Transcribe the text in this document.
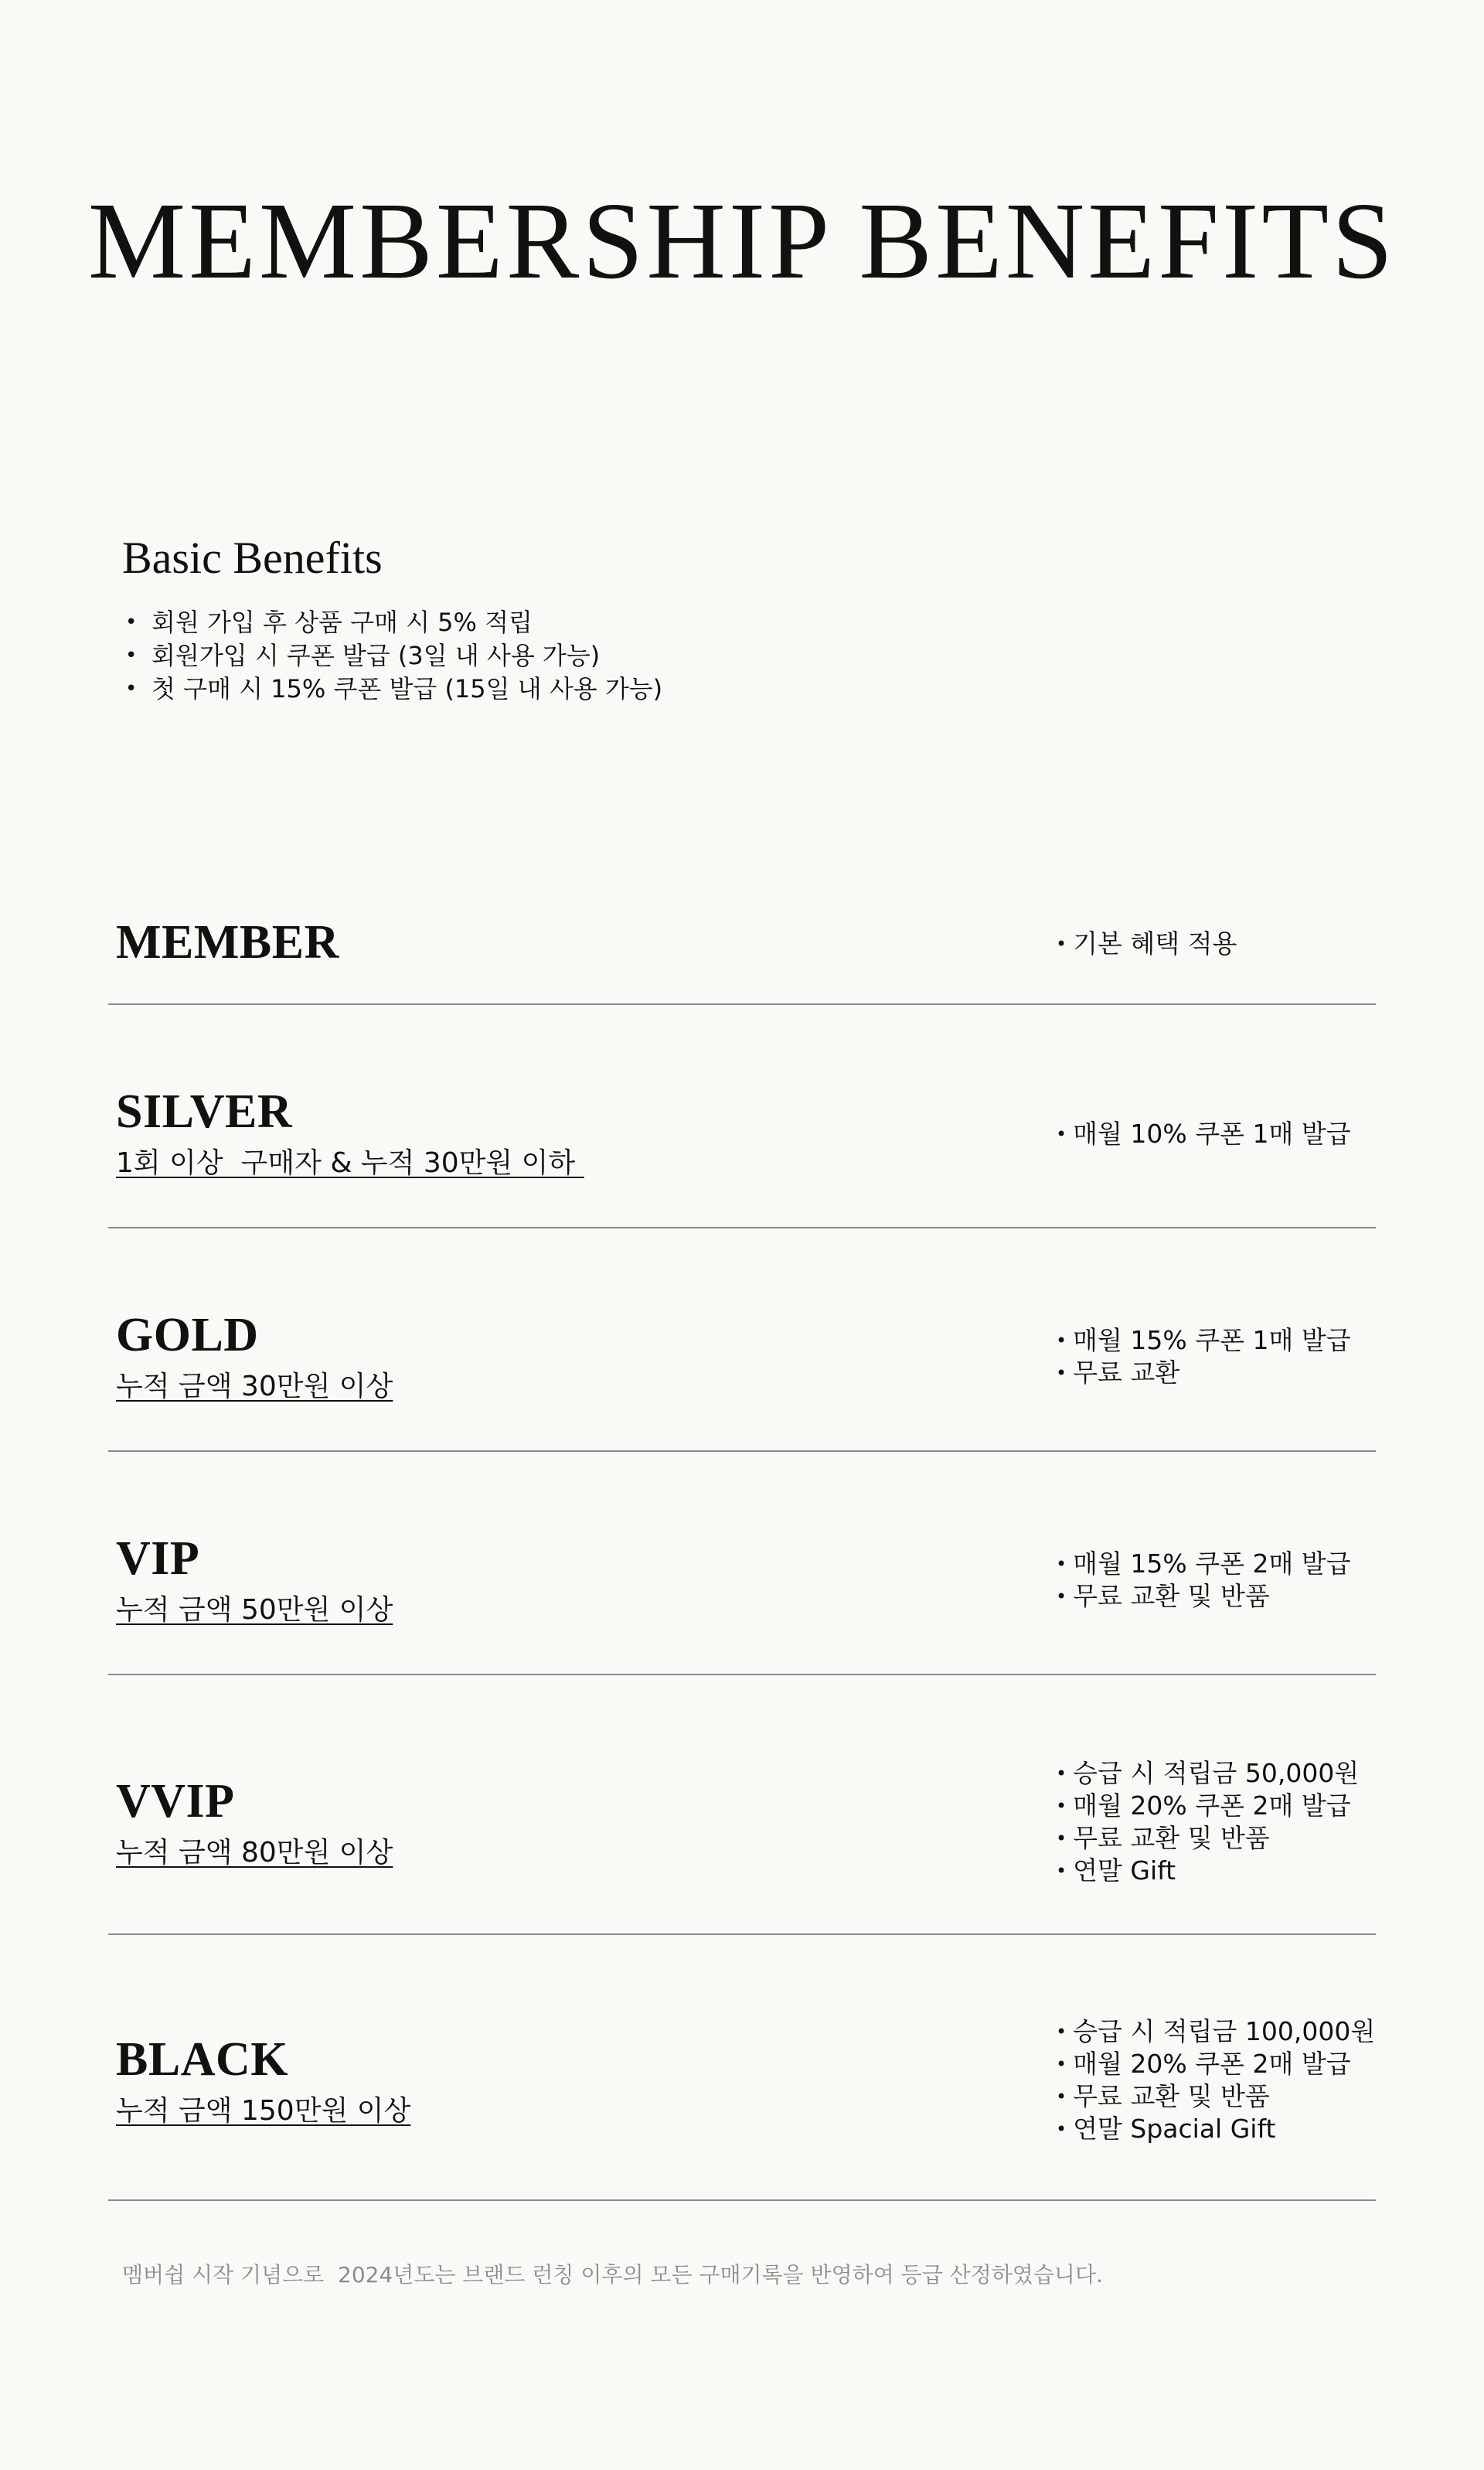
MEMBERSHIP BENEFITS
Basic Benefits
• 회원 가입 후 상품 구매 시 5% 적립
• 회원가입 시 쿠폰 발급 (3일 내 사용 가능)
• 첫 구매 시 15% 쿠폰 발급 (15일 내 사용 가능)
MEMBER	• 기본 혜택 적용
SILVER
1회 이상  구매자 & 누적 30만원 이하
• 매월 10% 쿠폰 1매 발급
GOLD
누적 금액 30만원 이상
• 매월 15% 쿠폰 1매 발급
• 무료 교환
VIP
누적 금액 50만원 이상
• 매월 15% 쿠폰 2매 발급
• 무료 교환 및 반품
VVIP
누적 금액 80만원 이상
• 승급 시 적립금 50,000원
• 매월 20% 쿠폰 2매 발급
• 무료 교환 및 반품
• 연말 Gift
BLACK
누적 금액 150만원 이상
• 승급 시 적립금 100,000원
• 매월 20% 쿠폰 2매 발급
• 무료 교환 및 반품
• 연말 Spacial Gift

멤버쉽 시작 기념으로  2024년도는 브랜드 런칭 이후의 모든 구매기록을 반영하여 등급 산정하였습니다.
